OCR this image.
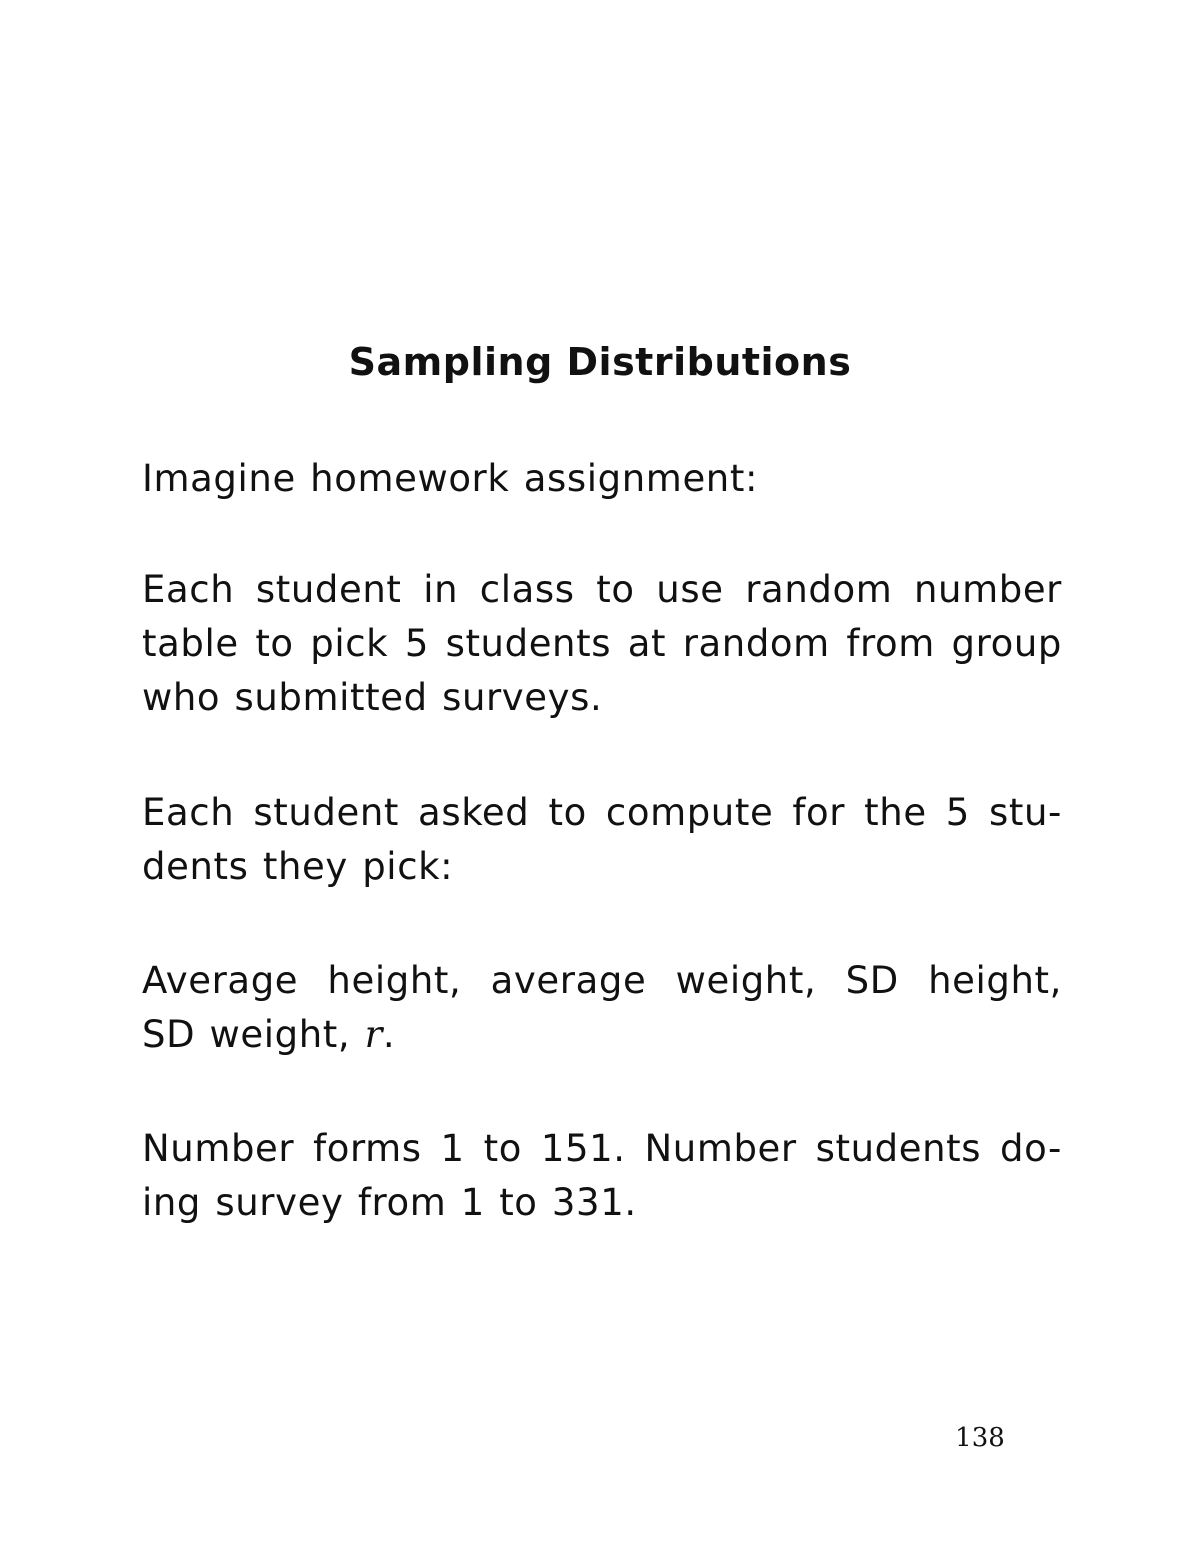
Sampling Distributions
Imagine homework assignment:
Each student in class to use random number
table to pick 5 students at random from group
who submitted surveys.
Each student asked to compute for the 5 stu-
dents they pick:
Average height, average weight, SD height,
SD weight, r.
Number forms 1 to 151. Number students do-
ing survey from 1 to 331.
138
